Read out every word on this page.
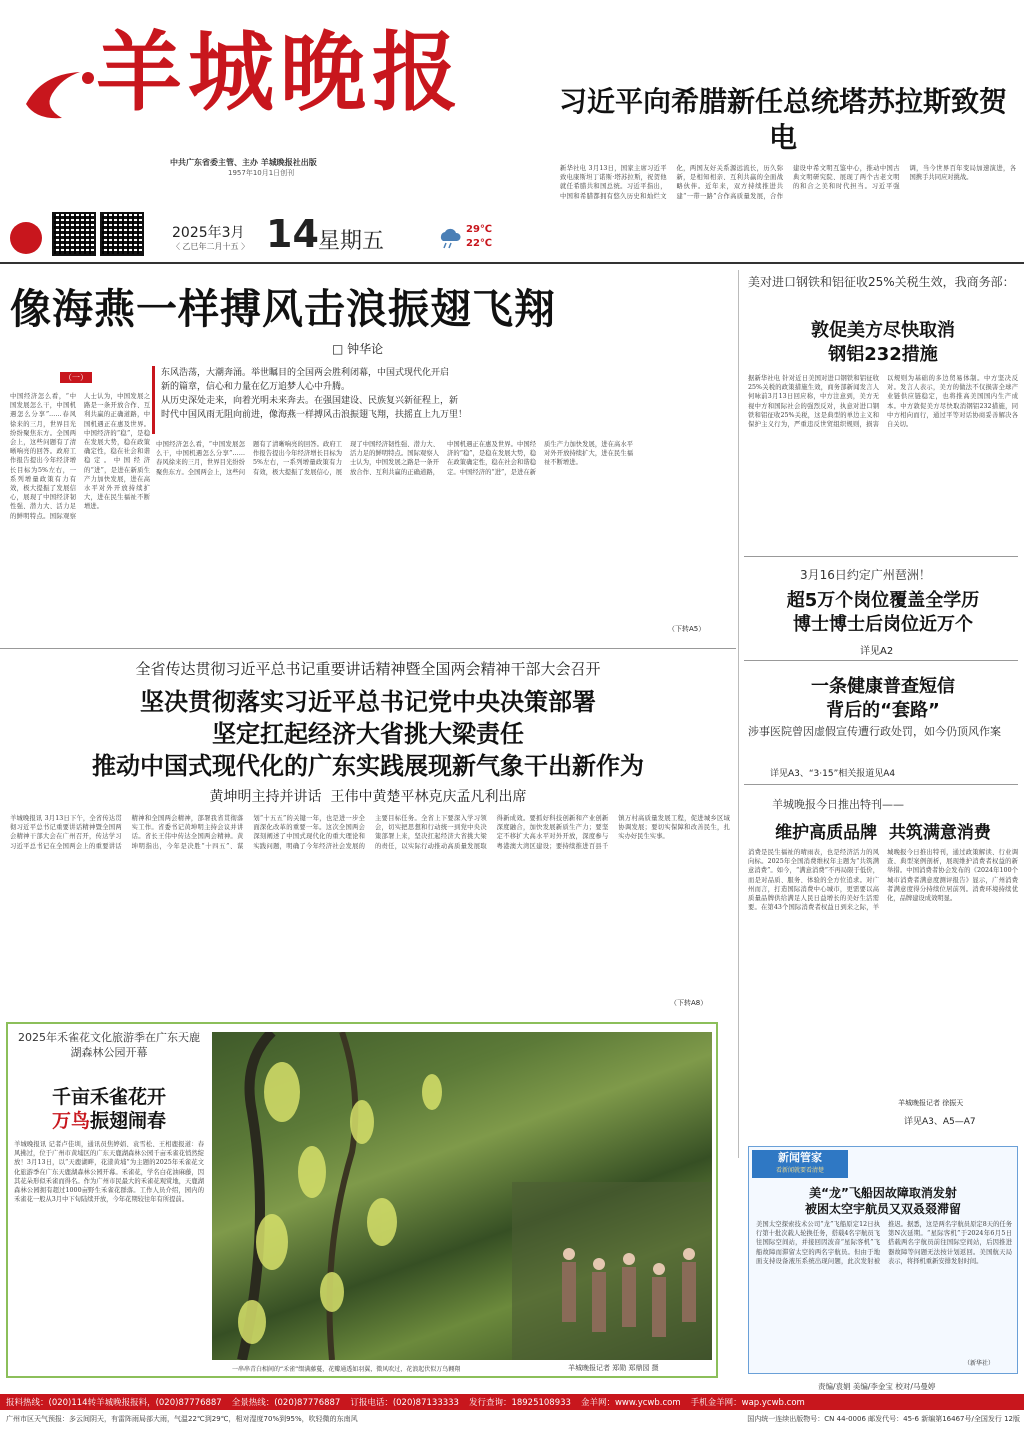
羊城晚报
中共广东省委主管、主办 羊城晚报社出版
1957年10月1日创刊
2025年3月
〈 乙巳年二月十五 〉 14 星期五	29℃
22℃
习近平向希腊新任总统塔苏拉斯致贺电
新华社电 3月13日，国家主席习近平致电康斯坦丁诺斯·塔苏拉斯，祝贺他就任希腊共和国总统。习近平指出，中国和希腊都拥有悠久历史和灿烂文化，两国友好关系源远流长，历久弥新，是相知相亲、互利共赢的全面战略伙伴。近年来，双方持续推进共建“一带一路”合作高质量发展，合作建设中希文明互鉴中心，推动中国古典文明研究院、展现了两个古老文明的和合之美和时代担当。习近平强调，当今世界百年变局加速演进，各国携手共同应对挑战。
像海燕一样搏风击浪振翅飞翔
□ 钟华论
（一）	东风浩荡，大潮奔涌。举世瞩目的全国两会胜利闭幕，中国式现代化开启
新的篇章，信心和力量在亿万追梦人心中升腾。
从历史深处走来，向着光明未来奔去。在强国建设、民族复兴新征程上，新
时代中国风雨无阻向前进，像海燕一样搏风击浪振翅飞翔，扶摇直上九万里！
中国经济怎么看，“中国发展怎么干，中国机遇怎么分享”……春风徐来的三月，世界目光纷纷聚焦东方。全国两会上，这些问题有了清晰响亮的回答。政府工作报告提出今年经济增长目标为5%左右，一系列增量政策有力有效，极大提振了发展信心，展现了中国经济韧性强、潜力大、活力足的鲜明特点。国际观察人士认为，中国发展之路是一条开放合作、互利共赢的正确道路，中国机遇正在惠及世界。中国经济的“稳”，是稳在发展大势，稳在政策确定性，稳在社会和谐稳定。中国经济的“进”，是进在新质生产力加快发展，进在高水平对外开放持续扩大，进在民生福祉不断增进。
中国经济怎么看，“中国发展怎么干，中国机遇怎么分享”……春风徐来的三月，世界目光纷纷聚焦东方。全国两会上，这些问题有了清晰响亮的回答。政府工作报告提出今年经济增长目标为5%左右，一系列增量政策有力有效，极大提振了发展信心，展现了中国经济韧性强、潜力大、活力足的鲜明特点。国际观察人士认为，中国发展之路是一条开放合作、互利共赢的正确道路，中国机遇正在惠及世界。中国经济的“稳”，是稳在发展大势，稳在政策确定性，稳在社会和谐稳定。中国经济的“进”，是进在新质生产力加快发展，进在高水平对外开放持续扩大，进在民生福祉不断增进。
（下转A5）
美对进口钢铁和铝征收25%关税生效，我商务部：
敦促美方尽快取消
钢铝232措施
据新华社电 针对近日美国对进口钢铁和铝征收25%关税的政策措施生效，商务部新闻发言人何咏前3月13日回应称，中方注意到，美方无视中方和国际社会的强烈反对，执意对进口钢铁和铝征收25%关税，这是典型的单边主义和保护主义行为，严重违反世贸组织规则，损害以规则为基础的多边贸易体制。中方坚决反对。发言人表示，美方的做法不仅损害全球产业链供应链稳定，也将推高美国国内生产成本。中方敦促美方尽快取消钢铝232措施，同中方相向而行，通过平等对话协商妥善解决各自关切。
3月16日约定广州琶洲！
超5万个岗位覆盖全学历
博士博士后岗位近万个
详见A2
一条健康普查短信
背后的“套路”
涉事医院曾因虚假宣传遭行政处罚，如今仍顶风作案
详见A3、“3·15”相关报道见A4
羊城晚报今日推出特刊——
维护高质品牌  共筑满意消费
消费是民生福祉的晴雨表，也是经济活力的风向标。2025年全国消费维权年主题为“共筑满意消费”。如今，“满意消费”不再局限于低价，而是对品质、服务、体验的全方位追求。对广州而言，打造国际消费中心城市，更需要以高质量品牌供给满足人民日益增长的美好生活需要。在第43个国际消费者权益日到来之际，羊城晚报今日推出特刊，通过政策解读、行业调查、典型案例剖析，展现维护消费者权益的新举措。中国消费者协会发布的《2024年100个城市消费者满意度测评报告》显示，广州消费者满意度得分持续位居前列。消费环境持续优化，品牌建设成效明显。
羊城晚报记者 徐振天
详见A3、A5—A7
全省传达贯彻习近平总书记重要讲话精神暨全国两会精神干部大会召开
坚决贯彻落实习近平总书记党中央决策部署
坚定扛起经济大省挑大梁责任
推动中国式现代化的广东实践展现新气象干出新作为
黄坤明主持并讲话  王伟中黄楚平林克庆孟凡利出席
羊城晚报讯 3月13日下午，全省传达贯彻习近平总书记重要讲话精神暨全国两会精神干部大会在广州召开，传达学习习近平总书记在全国两会上的重要讲话精神和全国两会精神，部署我省贯彻落实工作。省委书记黄坤明主持会议并讲话。省长王伟中传达全国两会精神。黄坤明指出，今年是决胜“十四五”、谋划“十五五”的关键一年，也是进一步全面深化改革的重要一年。这次全国两会深刻阐述了中国式现代化的重大理论和实践问题，明确了今年经济社会发展的主要目标任务。全省上下要深入学习领会，切实把思想和行动统一到党中央决策部署上来，坚决扛起经济大省挑大梁的责任，以实际行动推动高质量发展取得新成效。要抓好科技创新和产业创新深度融合，加快发展新质生产力；要坚定不移扩大高水平对外开放，深度参与粤港澳大湾区建设；要持续推进百县千镇万村高质量发展工程，促进城乡区域协调发展；要切实保障和改善民生，扎实办好民生实事。
（下转A8）
2025年禾雀花文化旅游季在广东天鹿湖森林公园开幕
千亩禾雀花开
万鸟振翅闹春
羊城晚报讯 记者卢佳圳，通讯员焦婷娟、袁雪松、王相鹿报道：春风拂过，位于广州市黄埔区的广东天鹿湖森林公园千亩禾雀花悄然绽放！3月13日，以“天鹿湖畔，花漾黄埔”为主题的2025年禾雀花文化旅游季在广东天鹿湖森林公园开幕。禾雀花，学名白花油麻藤，因其花朵形似禾雀而得名。作为广州市民最大的禾雀花观赏地，天鹿湖森林公园拥有超过1000亩野生禾雀花群落。工作人员介绍，园内的禾雀花一般从3月中下旬陆续开放，今年花期较往年有所提前。
一串串青白相间的“禾雀”缀满藤蔓，花瓣通透如羽翼，微风吹过，花浪起伏似万鸟翱翔	羊城晚报记者 郑勋 郑鼎园 摄
新闻管家
看新闻就要看清楚
美“龙”飞船因故障取消发射
被困太空宇航员又双叒叕滞留
美国太空探索技术公司“龙”飞船原定12日执行第十批次载人轮换任务，搭载4名宇航员飞往国际空间站，并接回因波音“星际客机”飞船故障而滞留太空的两名宇航员。但由于地面支持设备液压系统出现问题，此次发射被推迟。据悉，这是两名宇航员原定8天的任务第N次延期。“星际客机”于2024年6月5日搭载两名宇航员前往国际空间站，后因推进器故障等问题无法按计划返回。美国航天局表示，将择机重新安排发射时间。
（新华社）
责编/袁娟 美编/李金宝 校对/马曼婷
报料热线：(020)114转羊城晚报报料，(020)87776887 全景热线：(020)87776887 订报电话：(020)87133333 发行查询：18925108933 金羊网：www.ycwb.com 手机金羊网：wap.ycwb.com
广州市区天气预报：多云间阴天，有雷阵雨局部大雨，气温22℃到29℃，相对湿度70%到95%，吹轻微的东南风	国内统一连续出版物号：CN 44-0006 邮发代号：45-6 新编第16467号/全国发行 12版
